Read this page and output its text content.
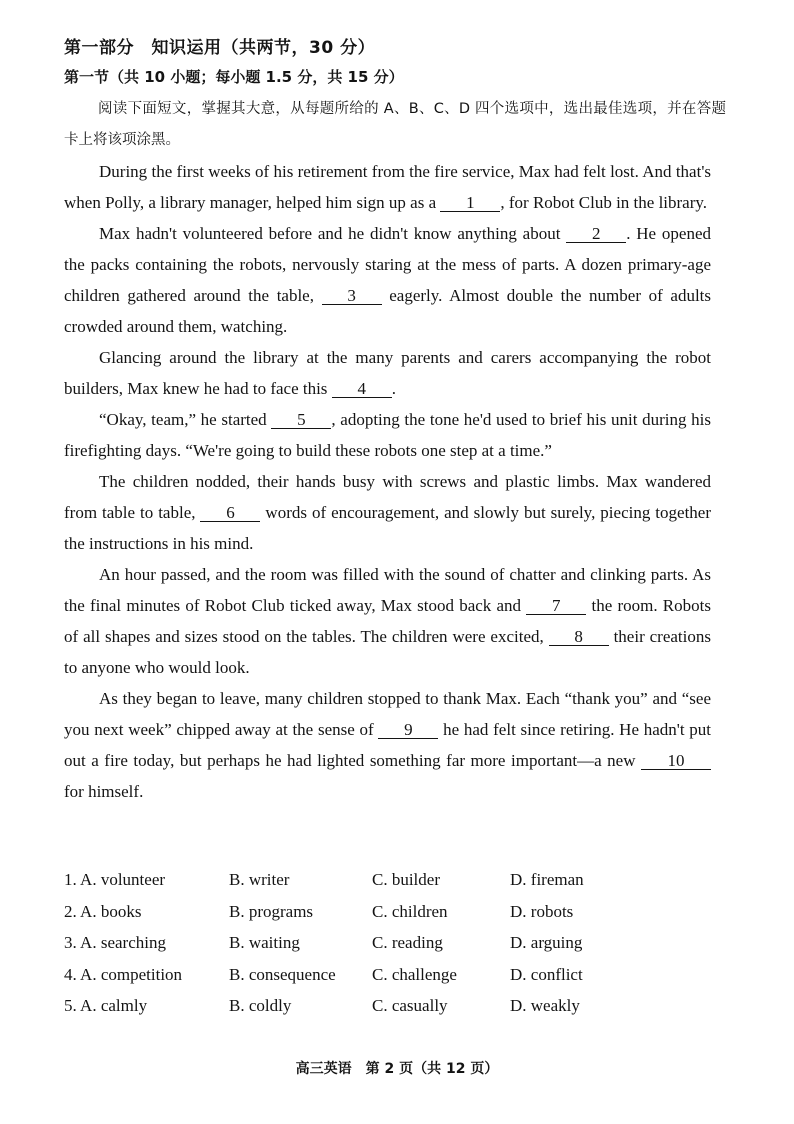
第一部分　知识运用（共两节，30 分）
第一节（共 10 小题；每小题 1.5 分，共 15 分）
阅读下面短文，掌握其大意，从每题所给的 A、B、C、D 四个选项中，选出最佳选项，并在答题卡上将该项涂黑。

During the first weeks of his retirement from the fire service, Max had felt lost. And that's when Polly, a library manager, helped him sign up as a 1 , for Robot Club in the library.

Max hadn't volunteered before and he didn't know anything about 2 . He opened the packs containing the robots, nervously staring at the mess of parts. A dozen primary-age children gathered around the table, 3 eagerly. Almost double the number of adults crowded around them, watching.

Glancing around the library at the many parents and carers accompanying the robot builders, Max knew he had to face this 4 .

“Okay, team,” he started 5 , adopting the tone he'd used to brief his unit during his firefighting days. “We're going to build these robots one step at a time.”

The children nodded, their hands busy with screws and plastic limbs. Max wandered from table to table, 6 words of encouragement, and slowly but surely, piecing together the instructions in his mind.

An hour passed, and the room was filled with the sound of chatter and clinking parts. As the final minutes of Robot Club ticked away, Max stood back and 7 the room. Robots of all shapes and sizes stood on the tables. The children were excited, 8 their creations to anyone who would look.

As they began to leave, many children stopped to thank Max. Each “thank you” and “see you next week” chipped away at the sense of 9 he had felt since retiring. He hadn't put out a fire today, but perhaps he had lighted something far more important—a new 10 for himself.

1. A. volunteer	B. writer	C. builder	D. fireman
2. A. books	B. programs	C. children	D. robots
3. A. searching	B. waiting	C. reading	D. arguing
4. A. competition	B. consequence C. challenge	D. conflict
5. A. calmly	B. coldly	C. casually	D. weakly
高三英语　第 2 页（共 12 页）
